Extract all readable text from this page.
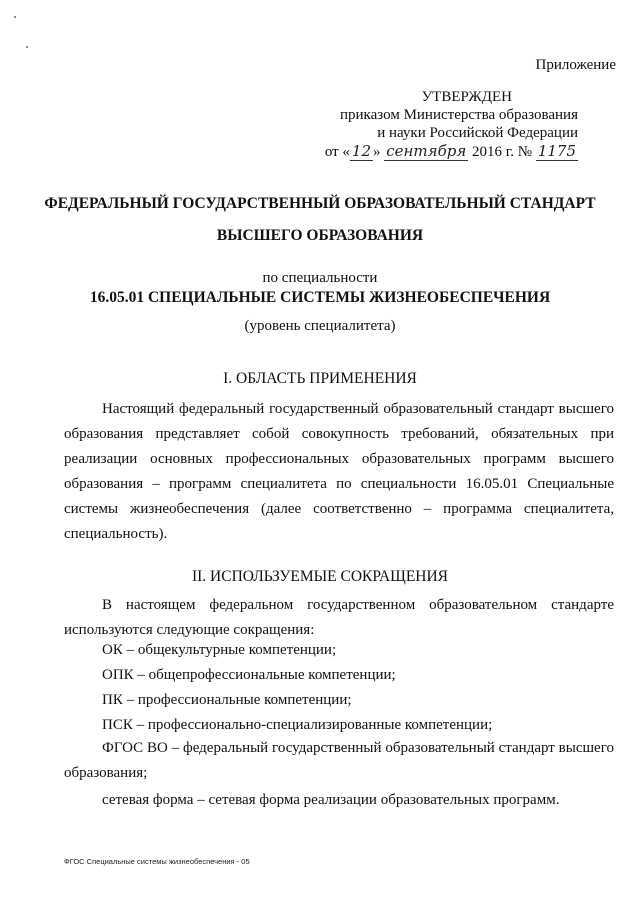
Приложение
УТВЕРЖДЕН
приказом Министерства образования
и науки Российской Федерации
от « 12 » сентября 2016 г. № 1175
ФЕДЕРАЛЬНЫЙ ГОСУДАРСТВЕННЫЙ ОБРАЗОВАТЕЛЬНЫЙ СТАНДАРТ
ВЫСШЕГО ОБРАЗОВАНИЯ
по специальности
16.05.01 СПЕЦИАЛЬНЫЕ СИСТЕМЫ ЖИЗНЕОБЕСПЕЧЕНИЯ
(уровень специалитета)
I. ОБЛАСТЬ ПРИМЕНЕНИЯ
Настоящий федеральный государственный образовательный стандарт высшего образования представляет собой совокупность требований, обязательных при реализации основных профессиональных образовательных программ высшего образования – программ специалитета по специальности 16.05.01 Специальные системы жизнеобеспечения (далее соответственно – программа специалитета, специальность).
II. ИСПОЛЬЗУЕМЫЕ СОКРАЩЕНИЯ
В настоящем федеральном государственном образовательном стандарте используются следующие сокращения:
ОК – общекультурные компетенции;
ОПК – общепрофессиональные компетенции;
ПК – профессиональные компетенции;
ПСК – профессионально-специализированные компетенции;
ФГОС ВО – федеральный государственный образовательный стандарт высшего образования;
сетевая форма – сетевая форма реализации образовательных программ.
ФГОС Специальные системы жизнеобеспечения - 05
